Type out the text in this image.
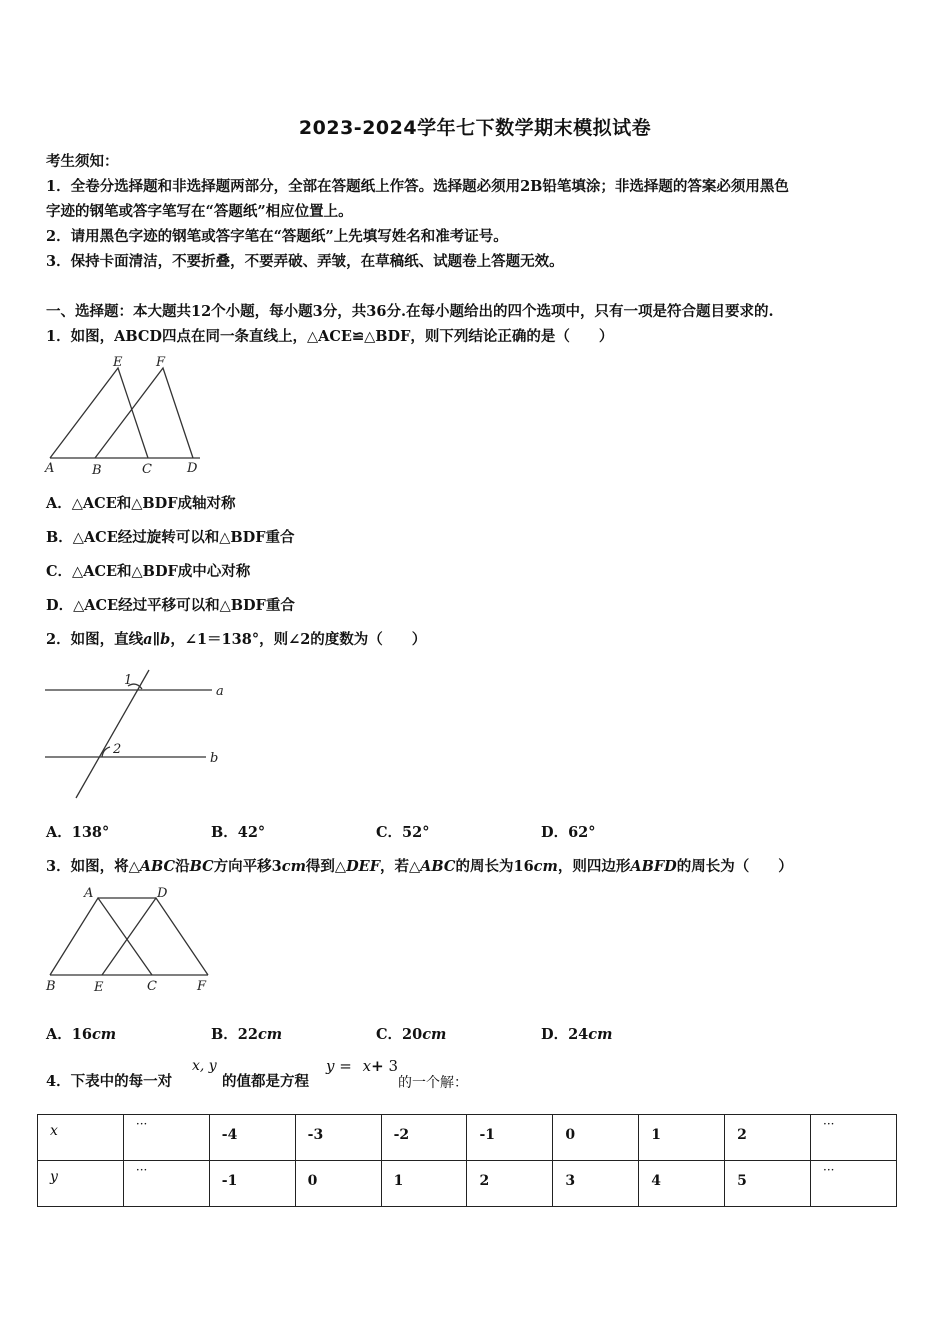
2023-2024学年七下数学期末模拟试卷
考生须知：
1．全卷分选择题和非选择题两部分，全部在答题纸上作答。选择题必须用2B铅笔填涂；非选择题的答案必须用黑色
字迹的钢笔或答字笔写在“答题纸”相应位置上。
2．请用黑色字迹的钢笔或答字笔在“答题纸”上先填写姓名和准考证号。
3．保持卡面清洁，不要折叠，不要弄破、弄皱，在草稿纸、试题卷上答题无效。
一、选择题：本大题共12个小题，每小题3分，共36分.在每小题给出的四个选项中，只有一项是符合题目要求的.
1．如图，ABCD四点在同一条直线上，△ACE≌△BDF，则下列结论正确的是（　　）
E	F
A	B	C	D
A．△ACE和△BDF成轴对称
B．△ACE经过旋转可以和△BDF重合
C．△ACE和△BDF成中心对称
D．△ACE经过平移可以和△BDF重合
2．如图，直线a∥b，∠1＝138°，则∠2的度数为（　　）
1
2
a
b
A．138°	B．42°	C．52°	D．62°
3．如图，将△ABC沿BC方向平移3cm得到△DEF，若△ABC的周长为16cm，则四边形ABFD的周长为（　　）
A	D
B	E	C	F
A．16cm	B．22cm	C．20cm	D．24cm
4．下表中的每一对
x, y
的值都是方程
y = x+ 3
的一个解：
x	···	-4	-3	-2	-1	0	1	2	···
y	···	-1	0	1	2	3	4	5	···
